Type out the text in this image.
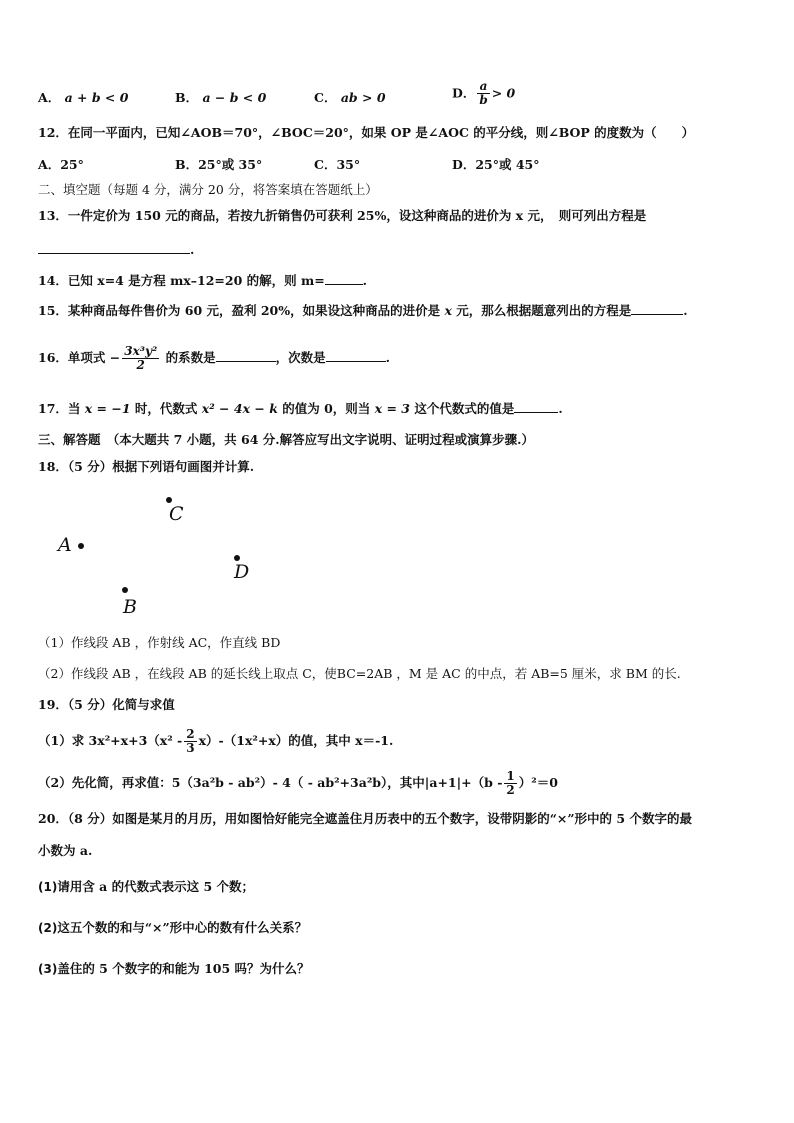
A． a + b < 0	B． a − b < 0	C． ab > 0	D． $\frac{a}{b} > 0$
12．在同一平面内，已知∠AOB＝70°，∠BOC＝20°，如果 OP 是∠AOC 的平分线，则∠BOP 的度数为（　　）
A．25°	B．25°或 35°	C．35°	D．25°或 45°
二、填空题（每题 4 分，满分 20 分，将答案填在答题纸上）
13．一件定价为 150 元的商品，若按九折销售仍可获利 25%，设这种商品的进价为 x 元，　则可列出方程是
.
14．已知 x=4 是方程 mx–12=20 的解，则 m=	.
15．某种商品每件售价为 60 元，盈利 20%，如果设这种商品的进价是 x 元，那么根据题意列出的方程是	.
16．单项式 − $\frac{\text{3x³y²}}{2}$ 的系数是	，次数是	.
17．当 x = −1 时，代数式 x² − 4x − k 的值为 0，则当 x = 3 这个代数式的值是	.
三、解答题　（本大题共 7 小题，共 64 分.解答应写出文字说明、证明过程或演算步骤.）
18．（5 分）根据下列语句画图并计算.
C
A
D
B
（1）作线段 AB ，作射线 AC，作直线 BD
（2）作线段 AB ，在线段 AB 的延长线上取点 C，使BC=2AB ，M 是 AC 的中点，若 AB=5 厘米，求 BM 的长.
19．（5 分）化简与求值
（1）求 $3x^2+x+3(x^2 - \frac{2}{3} x)-(1x^2+x)$的值，其中 x＝-1.
（2）先化简，再求值：5（3a²b - ab²）- 4（ - ab²+3a²b），其中$|a+1|+(b - \frac{1}{2} )^2=0$
20．（8 分）如图是某月的月历，用如图恰好能完全遮盖住月历表中的五个数字，设带阴影的“×”形中的 5 个数字的最
小数为 a.
(1)请用含 a 的代数式表示这 5 个数；
(2)这五个数的和与“×”形中心的数有什么关系？
(3)盖住的 5 个数字的和能为 105 吗？为什么？
